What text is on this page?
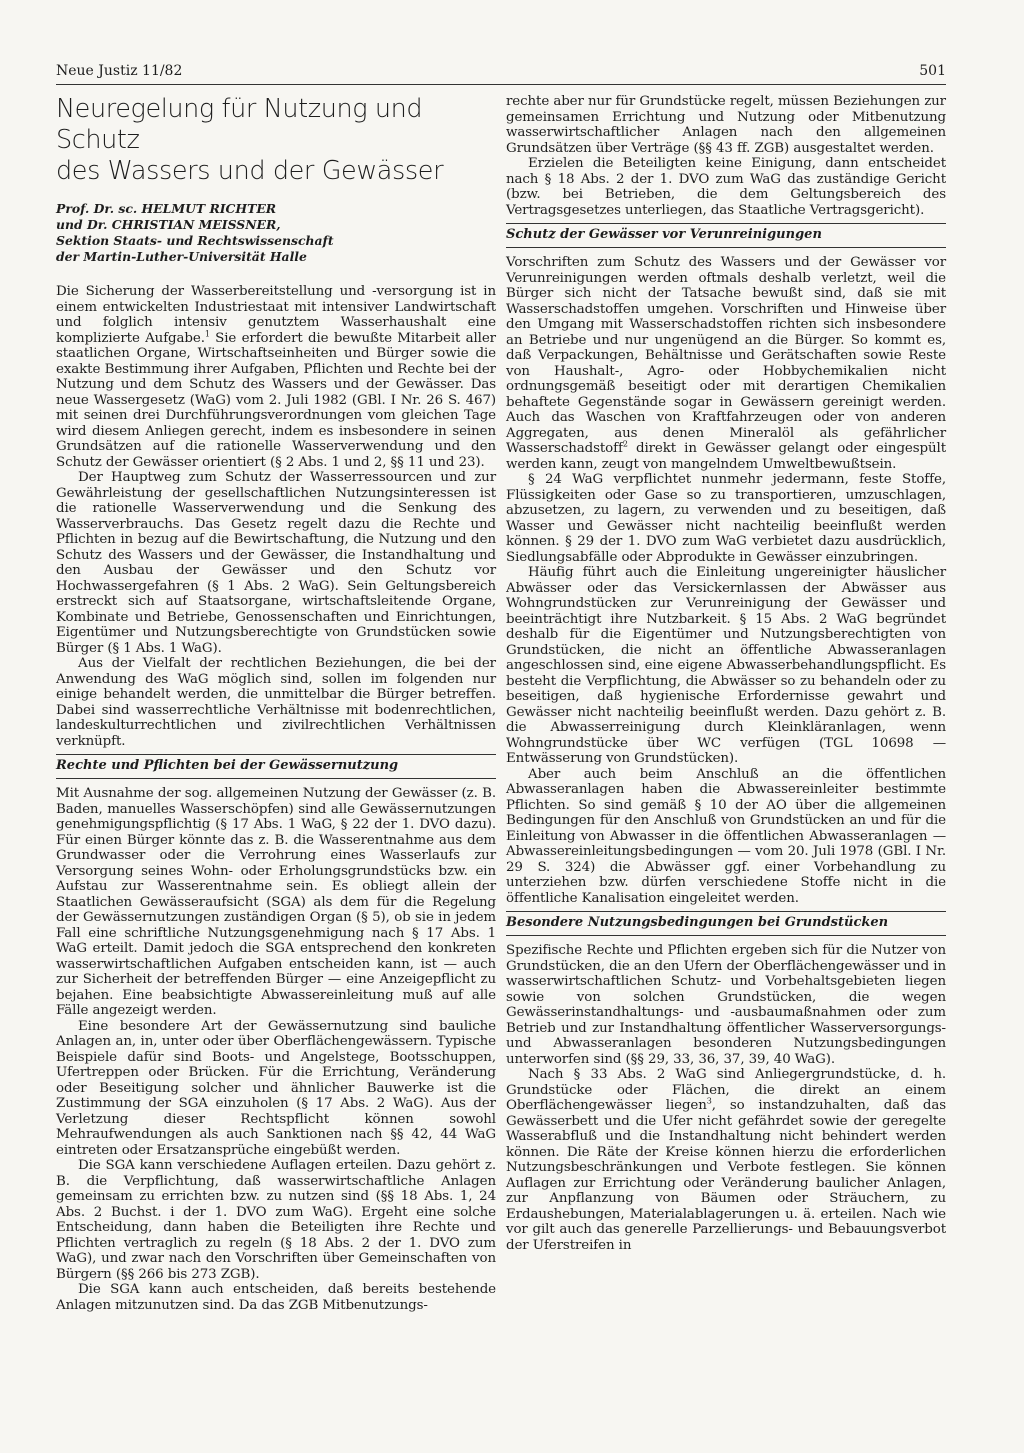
Neue Justiz 11/82	501
Neuregelung für Nutzung und Schutz
des Wassers und der Gewässer
Prof. Dr. sc. HELMUT RICHTER
und Dr. CHRISTIAN MEISSNER,
Sektion Staats- und Rechtswissenschaft
der Martin-Luther-Universität Halle

Die Sicherung der Wasserbereitstellung und -versorgung ist in einem entwickelten Industriestaat mit intensiver Landwirtschaft und folglich intensiv genutztem Wasserhaushalt eine komplizierte Aufgabe.$^1$ Sie erfordert die bewußte Mitarbeit aller staatlichen Organe, Wirtschaftseinheiten und Bürger sowie die exakte Bestimmung ihrer Aufgaben, Pflichten und Rechte bei der Nutzung und dem Schutz des Wassers und der Gewässer. Das neue Wassergesetz (WaG) vom 2. Juli 1982 (GBl. I Nr. 26 S. 467) mit seinen drei Durchführungsverordnungen vom gleichen Tage wird diesem Anliegen gerecht, indem es insbesondere in seinen Grundsätzen auf die rationelle Wasserverwendung und den Schutz der Gewässer orientiert (§ 2 Abs. 1 und 2, §§ 11 und 23).

Der Hauptweg zum Schutz der Wasserressourcen und zur Gewährleistung der gesellschaftlichen Nutzungsinteressen ist die rationelle Wasserverwendung und die Senkung des Wasserverbrauchs. Das Gesetz regelt dazu die Rechte und Pflichten in bezug auf die Bewirtschaftung, die Nutzung und den Schutz des Wassers und der Gewässer, die Instandhaltung und den Ausbau der Gewässer und den Schutz vor Hochwassergefahren (§ 1 Abs. 2 WaG). Sein Geltungsbereich erstreckt sich auf Staatsorgane, wirtschaftsleitende Organe, Kombinate und Betriebe, Genossenschaften und Einrichtungen, Eigentümer und Nutzungsberechtigte von Grundstücken sowie Bürger (§ 1 Abs. 1 WaG).

Aus der Vielfalt der rechtlichen Beziehungen, die bei der Anwendung des WaG möglich sind, sollen im folgenden nur einige behandelt werden, die unmittelbar die Bürger betreffen. Dabei sind wasserrechtliche Verhältnisse mit bodenrechtlichen, landeskulturrechtlichen und zivilrechtlichen Verhältnissen verknüpft.

Rechte und Pflichten bei der Gewässernutzung

Mit Ausnahme der sog. allgemeinen Nutzung der Gewässer (z. B. Baden, manuelles Wasserschöpfen) sind alle Gewässernutzungen genehmigungspflichtig (§ 17 Abs. 1 WaG, § 22 der 1. DVO dazu). Für einen Bürger könnte das z. B. die Wasserentnahme aus dem Grundwasser oder die Verrohrung eines Wasserlaufs zur Versorgung seines Wohn- oder Erholungsgrundstücks bzw. ein Aufstau zur Wasserentnahme sein. Es obliegt allein der Staatlichen Gewässeraufsicht (SGA) als dem für die Regelung der Gewässernutzungen zuständigen Organ (§ 5), ob sie in jedem Fall eine schriftliche Nutzungsgenehmigung nach § 17 Abs. 1 WaG erteilt. Damit jedoch die SGA entsprechend den konkreten wasserwirtschaftlichen Aufgaben entscheiden kann, ist — auch zur Sicherheit der betreffenden Bürger — eine Anzeigepflicht zu bejahen. Eine beabsichtigte Abwassereinleitung muß auf alle Fälle angezeigt werden.

Eine besondere Art der Gewässernutzung sind bauliche Anlagen an, in, unter oder über Oberflächengewässern. Typische Beispiele dafür sind Boots- und Angelstege, Bootsschuppen, Ufertreppen oder Brücken. Für die Errichtung, Veränderung oder Beseitigung solcher und ähnlicher Bauwerke ist die Zustimmung der SGA einzuholen (§ 17 Abs. 2 WaG). Aus der Verletzung dieser Rechtspflicht können sowohl Mehraufwendungen als auch Sanktionen nach §§ 42, 44 WaG eintreten oder Ersatzansprüche eingebüßt werden.

Die SGA kann verschiedene Auflagen erteilen. Dazu gehört z. B. die Verpflichtung, daß wasserwirtschaftliche Anlagen gemeinsam zu errichten bzw. zu nutzen sind (§§ 18 Abs. 1, 24 Abs. 2 Buchst. i der 1. DVO zum WaG). Ergeht eine solche Entscheidung, dann haben die Beteiligten ihre Rechte und Pflichten vertraglich zu regeln (§ 18 Abs. 2 der 1. DVO zum WaG), und zwar nach den Vorschriften über Gemeinschaften von Bürgern (§§ 266 bis 273 ZGB).

Die SGA kann auch entscheiden, daß bereits bestehende Anlagen mitzunutzen sind. Da das ZGB Mitbenutzungs-

rechte aber nur für Grundstücke regelt, müssen Beziehungen zur gemeinsamen Errichtung und Nutzung oder Mitbenutzung wasserwirtschaftlicher Anlagen nach den allgemeinen Grundsätzen über Verträge (§§ 43 ff. ZGB) ausgestaltet werden.

Erzielen die Beteiligten keine Einigung, dann entscheidet nach § 18 Abs. 2 der 1. DVO zum WaG das zuständige Gericht (bzw. bei Betrieben, die dem Geltungsbereich des Vertragsgesetzes unterliegen, das Staatliche Vertragsgericht).

Schutz der Gewässer vor Verunreinigungen

Vorschriften zum Schutz des Wassers und der Gewässer vor Verunreinigungen werden oftmals deshalb verletzt, weil die Bürger sich nicht der Tatsache bewußt sind, daß sie mit Wasserschadstoffen umgehen. Vorschriften und Hinweise über den Umgang mit Wasserschadstoffen richten sich insbesondere an Betriebe und nur ungenügend an die Bürger. So kommt es, daß Verpackungen, Behältnisse und Gerätschaften sowie Reste von Haushalt-, Agro- oder Hobbychemikalien nicht ordnungsgemäß beseitigt oder mit derartigen Chemikalien behaftete Gegenstände sogar in Gewässern gereinigt werden. Auch das Waschen von Kraftfahrzeugen oder von anderen Aggregaten, aus denen Mineralöl als gefährlicher Wasserschadstoff$^2$ direkt in Gewässer gelangt oder eingespült werden kann, zeugt von mangelndem Umweltbewußtsein.

§ 24 WaG verpflichtet nunmehr jedermann, feste Stoffe, Flüssigkeiten oder Gase so zu transportieren, umzuschlagen, abzusetzen, zu lagern, zu verwenden und zu beseitigen, daß Wasser und Gewässer nicht nachteilig beeinflußt werden können. § 29 der 1. DVO zum WaG verbietet dazu ausdrücklich, Siedlungsabfälle oder Abprodukte in Gewässer einzubringen.

Häufig führt auch die Einleitung ungereinigter häuslicher Abwässer oder das Versickernlassen der Abwässer aus Wohngrundstücken zur Verunreinigung der Gewässer und beeinträchtigt ihre Nutzbarkeit. § 15 Abs. 2 WaG begründet deshalb für die Eigentümer und Nutzungsberechtigten von Grundstücken, die nicht an öffentliche Abwasseranlagen angeschlossen sind, eine eigene Abwasserbehandlungspflicht. Es besteht die Verpflichtung, die Abwässer so zu behandeln oder zu beseitigen, daß hygienische Erfordernisse gewahrt und Gewässer nicht nachteilig beeinflußt werden. Dazu gehört z. B. die Abwasserreinigung durch Kleinkläranlagen, wenn Wohngrundstücke über WC verfügen (TGL 10698 — Entwässerung von Grundstücken).

Aber auch beim Anschluß an die öffentlichen Abwasseranlagen haben die Abwassereinleiter bestimmte Pflichten. So sind gemäß § 10 der AO über die allgemeinen Bedingungen für den Anschluß von Grundstücken an und für die Einleitung von Abwasser in die öffentlichen Abwasseranlagen — Abwassereinleitungsbedingungen — vom 20. Juli 1978 (GBl. I Nr. 29 S. 324) die Abwässer ggf. einer Vorbehandlung zu unterziehen bzw. dürfen verschiedene Stoffe nicht in die öffentliche Kanalisation eingeleitet werden.

Besondere Nutzungsbedingungen bei Grundstücken

Spezifische Rechte und Pflichten ergeben sich für die Nutzer von Grundstücken, die an den Ufern der Oberflächengewässer und in wasserwirtschaftlichen Schutz- und Vorbehaltsgebieten liegen sowie von solchen Grundstücken, die wegen Gewässerinstandhaltungs- und -ausbaumaßnahmen oder zum Betrieb und zur Instandhaltung öffentlicher Wasserversorgungs- und Abwasseranlagen besonderen Nutzungsbedingungen unterworfen sind (§§ 29, 33, 36, 37, 39, 40 WaG).

Nach § 33 Abs. 2 WaG sind Anliegergrundstücke, d. h. Grundstücke oder Flächen, die direkt an einem Oberflächengewässer liegen$^3$, so instandzuhalten, daß das Gewässerbett und die Ufer nicht gefährdet sowie der geregelte Wasserabfluß und die Instandhaltung nicht behindert werden können. Die Räte der Kreise können hierzu die erforderlichen Nutzungsbeschränkungen und Verbote festlegen. Sie können Auflagen zur Errichtung oder Veränderung baulicher Anlagen, zur Anpflanzung von Bäumen oder Sträuchern, zu Erdaushebungen, Materialablagerungen u. ä. erteilen. Nach wie vor gilt auch das generelle Parzellierungs- und Bebauungsverbot der Uferstreifen in
